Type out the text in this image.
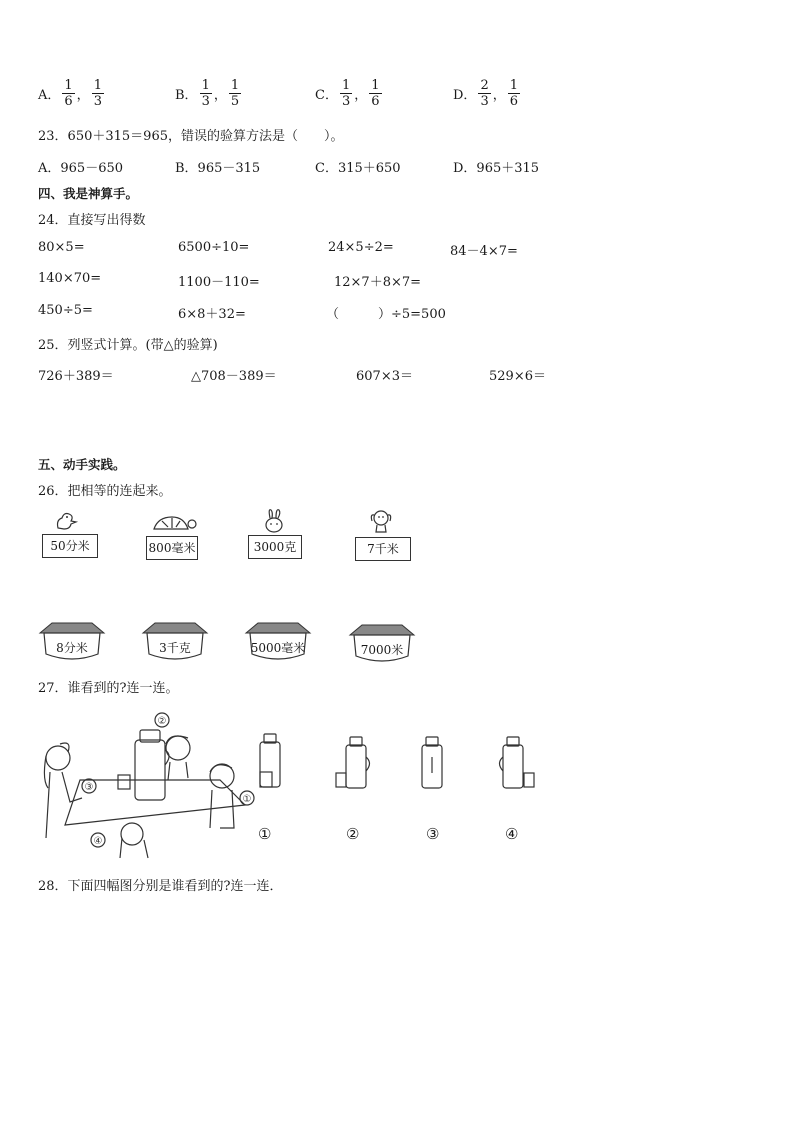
A． $\frac{1}{6}$ ， $\frac{1}{3}$	B． $\frac{1}{3}$ ， $\frac{1}{5}$	C． $\frac{1}{3}$ ， $\frac{1}{6}$	D． $\frac{2}{3}$ ， $\frac{1}{6}$
23．650＋315＝965，错误的验算方法是（　　）。
A．965－650	B．965－315	C．315＋650	D．965＋315
四、我是神算手。
24．直接写出得数
80×5=	6500÷10=	24×5÷2=	84－4×7=
140×70=	1100－110=	12×7＋8×7=
450÷5=	6×8＋32=	（　　　）÷5=500
25．列竖式计算。(带△的验算)
726＋389＝	△708－389＝	607×3＝	529×6＝
五、动手实践。
26．把相等的连起来。
50分米	800毫米	3000克	7千米
8分米	3千克	5000毫米	7000米
27．谁看到的?连一连。
②
③
①
④	①	②	③	④
28．下面四幅图分别是谁看到的?连一连．
